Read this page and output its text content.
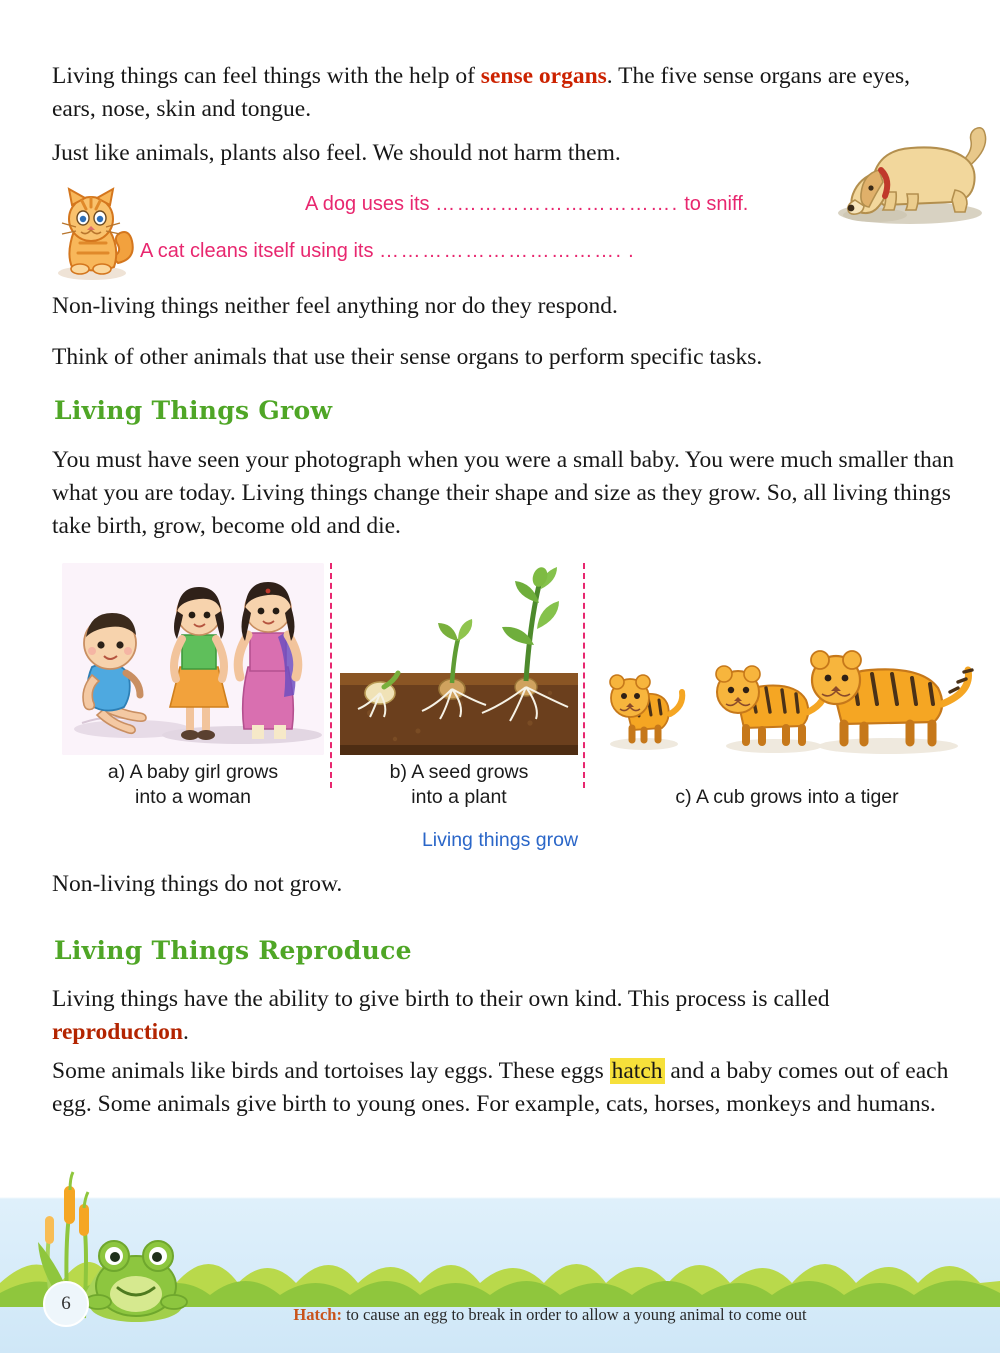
Living things can feel things with the help of sense organs. The five sense organs are eyes, ears, nose, skin and tongue.
Just like animals, plants also feel. We should not harm them.
A dog uses its ……………………………. to sniff.
A cat cleans itself using its ……………………………. .
Non-living things neither feel anything nor do they respond.
Think of other animals that use their sense organs to perform specific tasks.
Living Things Grow
You must have seen your photograph when you were a small baby. You were much smaller than what you are today. Living things change their shape and size as they grow. So, all living things take birth, grow, become old and die.
a) A baby girl grows
into a woman
b) A seed grows
into a plant	c) A cub grows into a tiger
Living things grow
Non-living things do not grow.
Living Things Reproduce
Living things have the ability to give birth to their own kind. This process is called reproduction.
Some animals like birds and tortoises lay eggs. These eggs hatch and a baby comes out of each egg. Some animals give birth to young ones. For example, cats, horses, monkeys and humans.
6
Hatch: to cause an egg to break in order to allow a young animal to come out
